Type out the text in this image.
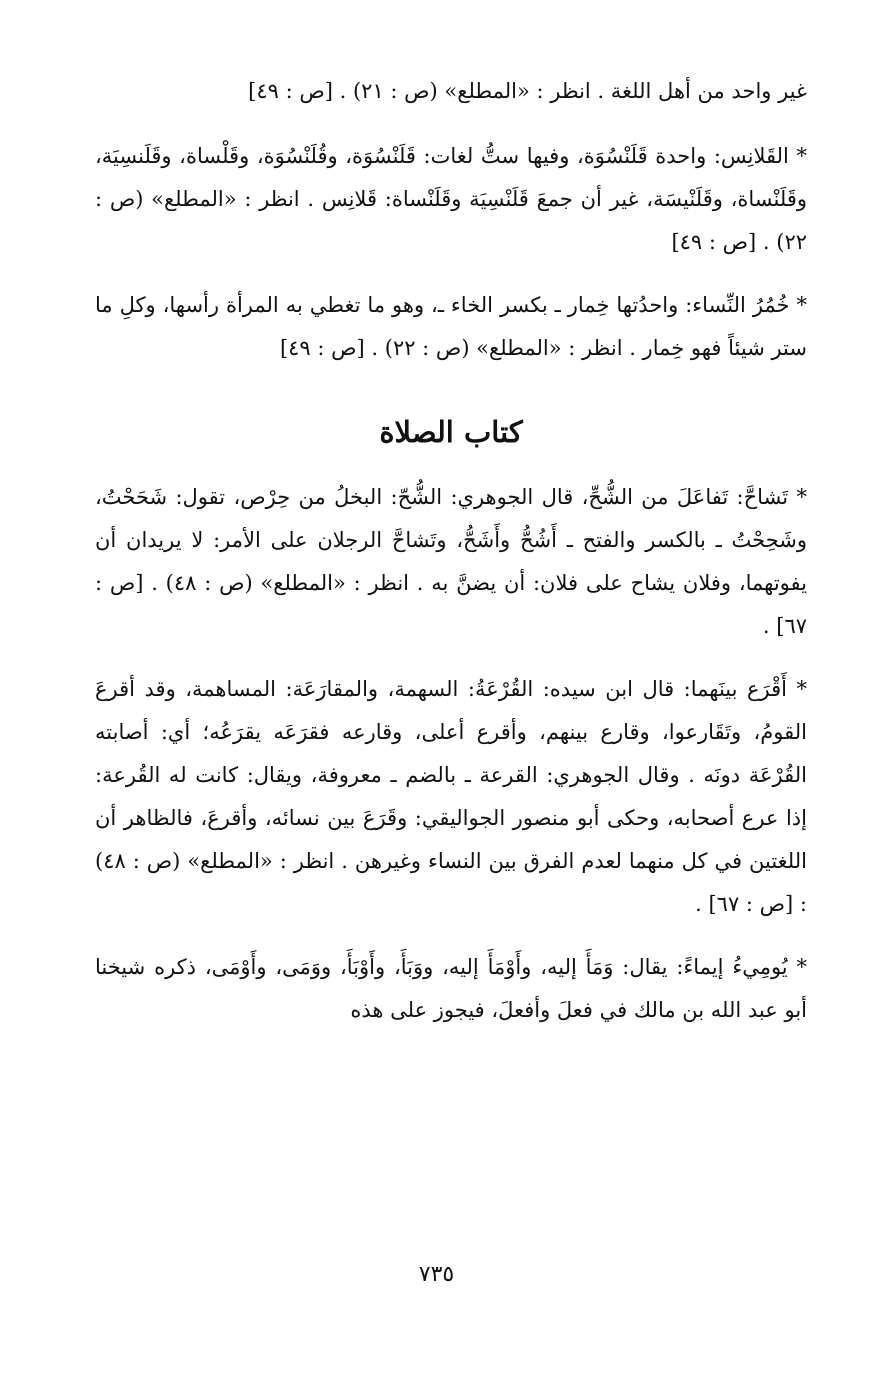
غير واحد من أهل اللغة . انظر : «المطلع» (ص : ٢١) . [ص : ٤٩]

* القَلانِس: واحدة قَلَنْسُوَة، وفيها ستُّ لغات: قَلَنْسُوَة، وقُلَنْسُوَة، وقَلْساة، وقَلَنسِيَة، وقَلَنْساة، وقَلَنْيسَة، غير أن جمعَ قَلَنْسِيَة وقَلَنْساة: قَلانِس . انظر : «المطلع» (ص : ٢٢) . [ص : ٤٩]

* خُمُرُ النِّساء: واحدُتها خِمار ـ بكسر الخاء ـ، وهو ما تغطي به المرأة رأسها، وكلِ ما ستر شيئاً فهو خِمار . انظر : «المطلع» (ص : ٢٢) . [ص : ٤٩]

كتاب الصلاة

* تَشاحَّ: تَفاعَلَ من الشُّحِّ، قال الجوهري: الشُّحّ: البخلُ من حِرْص، تقول: شَحَحْتُ، وشَحِحْتُ ـ بالكسر والفتح ـ أَشُحُّ وأَشَحُّ، وتَشاحَّ الرجلان على الأمر: لا يريدان أن يفوتهما، وفلان يشاح على فلان: أن يضنَّ به . انظر : «المطلع» (ص : ٤٨) . [ص : ٦٧] .

* أَقْرَع بينَهما: قال ابن سيده: القُرْعَةُ: السهمة، والمقارَعَة: المساهمة، وقد أقرعَ القومُ، وتَقَارعوا، وقارع بينهم، وأقرع أعلى، وقارعه فقرَعَه يقرَعُه؛ أي: أصابته القُرْعَة دونَه . وقال الجوهري: القرعة ـ بالضم ـ معروفة، ويقال: كانت له القُرعة: إذا عرع أصحابه، وحكى أبو منصور الجواليقي: وقَرَعَ بين نسائه، وأقرعَ، فالظاهر أن اللغتين في كل منهما لعدم الفرق بين النساء وغيرهن . انظر : «المطلع» (ص : ٤٨) : [ص : ٦٧] .

* يُومِيءُ إيماءً: يقال: وَمَأَ إليه، وأَوْمَأَ إليه، ووَبَأَ، وأَوْبَأَ، ووَمَى، وأَوْمَى، ذكره شيخنا أبو عبد الله بن مالك في فعلَ وأفعلَ، فيجوز على هذه

٧٣٥
